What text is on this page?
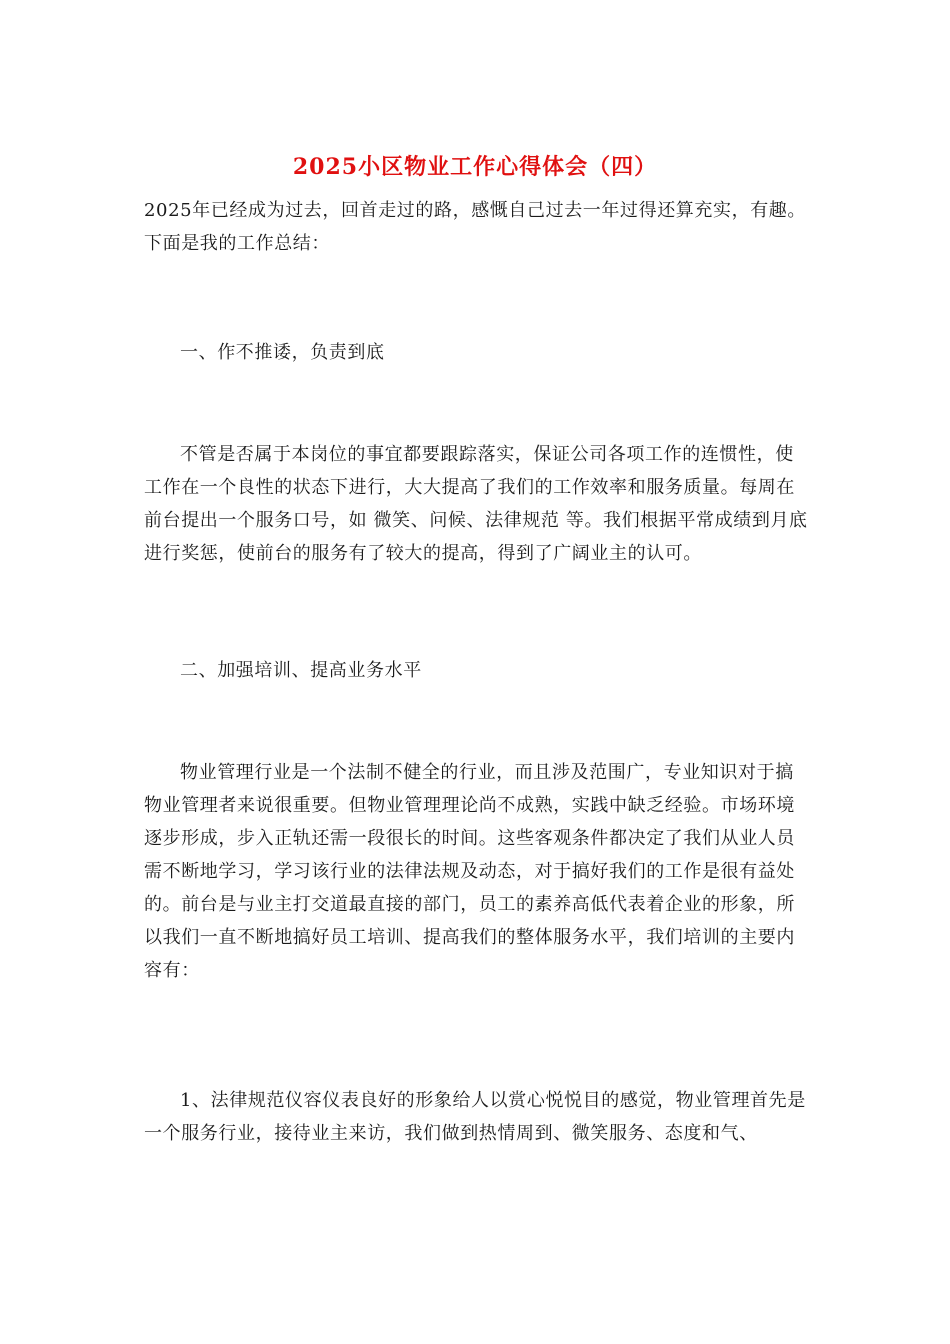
2025小区物业工作心得体会（四）

2025年已经成为过去，回首走过的路，感慨自己过去一年过得还算充实，有趣。下面是我的工作总结：

一、作不推诿，负责到底

不管是否属于本岗位的事宜都要跟踪落实，保证公司各项工作的连惯性，使工作在一个良性的状态下进行，大大提高了我们的工作效率和服务质量。每周在前台提出一个服务口号，如 微笑、问候、法律规范 等。我们根据平常成绩到月底进行奖惩，使前台的服务有了较大的提高，得到了广阔业主的认可。

二、加强培训、提高业务水平

物业管理行业是一个法制不健全的行业，而且涉及范围广，专业知识对于搞物业管理者来说很重要。但物业管理理论尚不成熟，实践中缺乏经验。市场环境逐步形成，步入正轨还需一段很长的时间。这些客观条件都决定了我们从业人员需不断地学习，学习该行业的法律法规及动态，对于搞好我们的工作是很有益处的。前台是与业主打交道最直接的部门，员工的素养高低代表着企业的形象，所以我们一直不断地搞好员工培训、提高我们的整体服务水平，我们培训的主要内容有：

1、法律规范仪容仪表良好的形象给人以赏心悦悦目的感觉，物业管理首先是一个服务行业，接待业主来访，我们做到热情周到、微笑服务、态度和气、
